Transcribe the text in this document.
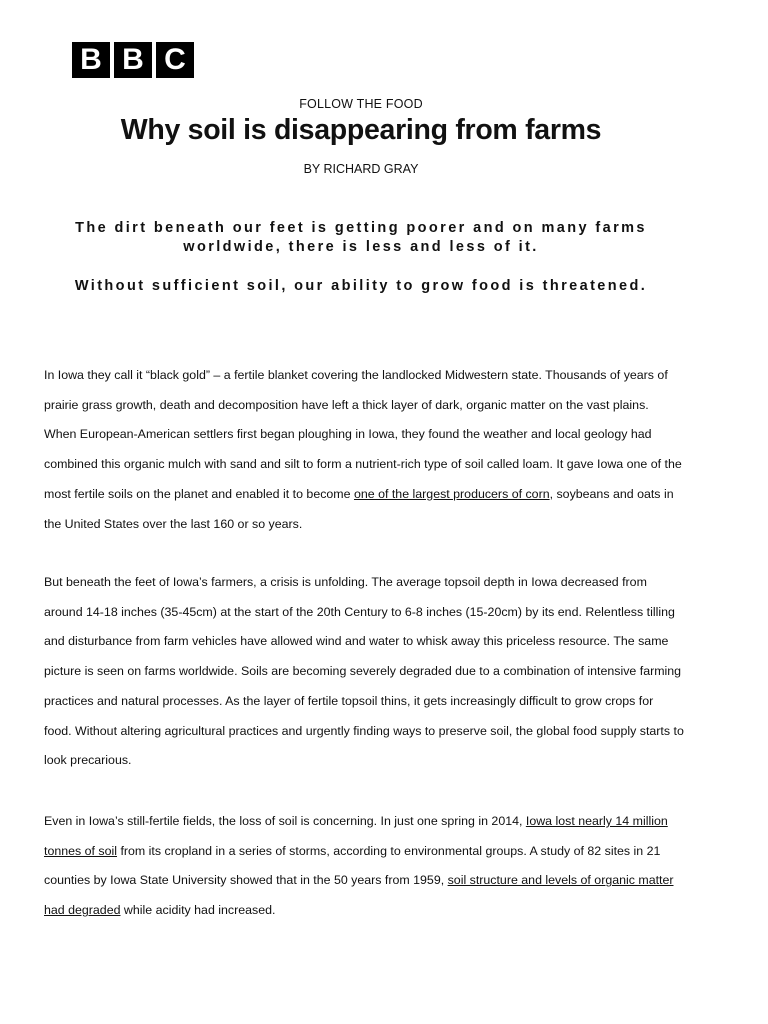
B B C
FOLLOW THE FOOD
Why soil is disappearing from farms
BY RICHARD GRAY

The dirt beneath our feet is getting poorer and on many farms worldwide, there is less and less of it.

Without sufficient soil, our ability to grow food is threatened.

In Iowa they call it “black gold” – a fertile blanket covering the landlocked Midwestern state. Thousands of years of prairie grass growth, death and decomposition have left a thick layer of dark, organic matter on the vast plains. When European-American settlers first began ploughing in Iowa, they found the weather and local geology had combined this organic mulch with sand and silt to form a nutrient-rich type of soil called loam. It gave Iowa one of the most fertile soils on the planet and enabled it to become one of the largest producers of corn, soybeans and oats in the United States over the last 160 or so years.

But beneath the feet of Iowa’s farmers, a crisis is unfolding. The average topsoil depth in Iowa decreased from around 14-18 inches (35-45cm) at the start of the 20th Century to 6-8 inches (15-20cm) by its end. Relentless tilling and disturbance from farm vehicles have allowed wind and water to whisk away this priceless resource. The same picture is seen on farms worldwide. Soils are becoming severely degraded due to a combination of intensive farming practices and natural processes. As the layer of fertile topsoil thins, it gets increasingly difficult to grow crops for food. Without altering agricultural practices and urgently finding ways to preserve soil, the global food supply starts to look precarious.

Even in Iowa’s still-fertile fields, the loss of soil is concerning. In just one spring in 2014, Iowa lost nearly 14 million tonnes of soil from its cropland in a series of storms, according to environmental groups. A study of 82 sites in 21 counties by Iowa State University showed that in the 50 years from 1959, soil structure and levels of organic matter had degraded while acidity had increased.
